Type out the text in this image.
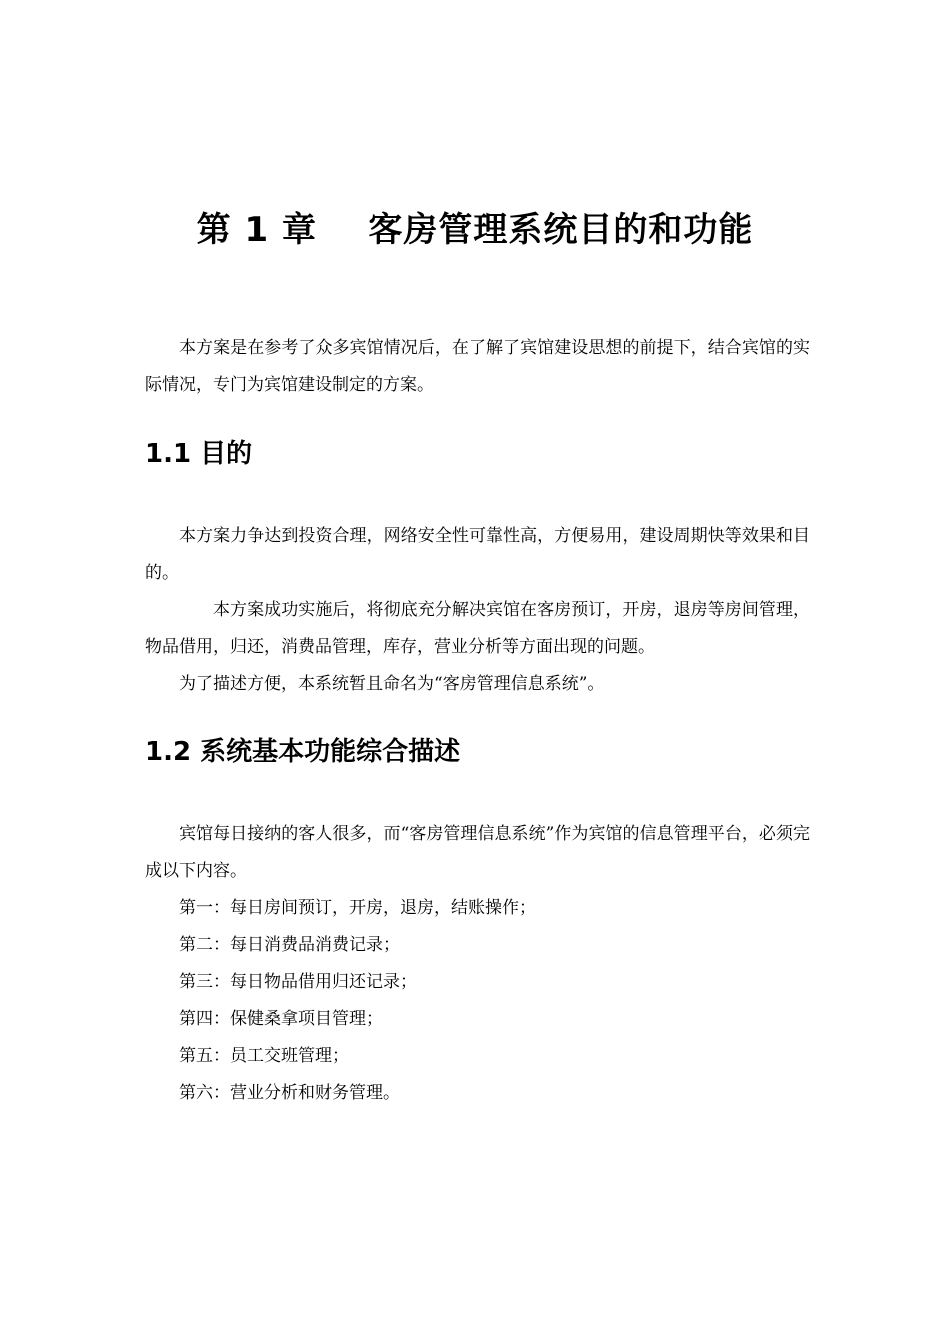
第 1 章    客房管理系统目的和功能

本方案是在参考了众多宾馆情况后，在了解了宾馆建设思想的前提下，结合宾馆的实际情况，专门为宾馆建设制定的方案。

1.1 目的

本方案力争达到投资合理，网络安全性可靠性高，方便易用，建设周期快等效果和目的。

本方案成功实施后，将彻底充分解决宾馆在客房预订，开房，退房等房间管理，物品借用，归还，消费品管理，库存，营业分析等方面出现的问题。

为了描述方便，本系统暂且命名为“客房管理信息系统”。

1.2 系统基本功能综合描述

宾馆每日接纳的客人很多，而“客房管理信息系统”作为宾馆的信息管理平台，必须完成以下内容。

第一：每日房间预订，开房，退房，结账操作；

第二：每日消费品消费记录；

第三：每日物品借用归还记录；

第四：保健桑拿项目管理；

第五：员工交班管理；

第六：营业分析和财务管理。
